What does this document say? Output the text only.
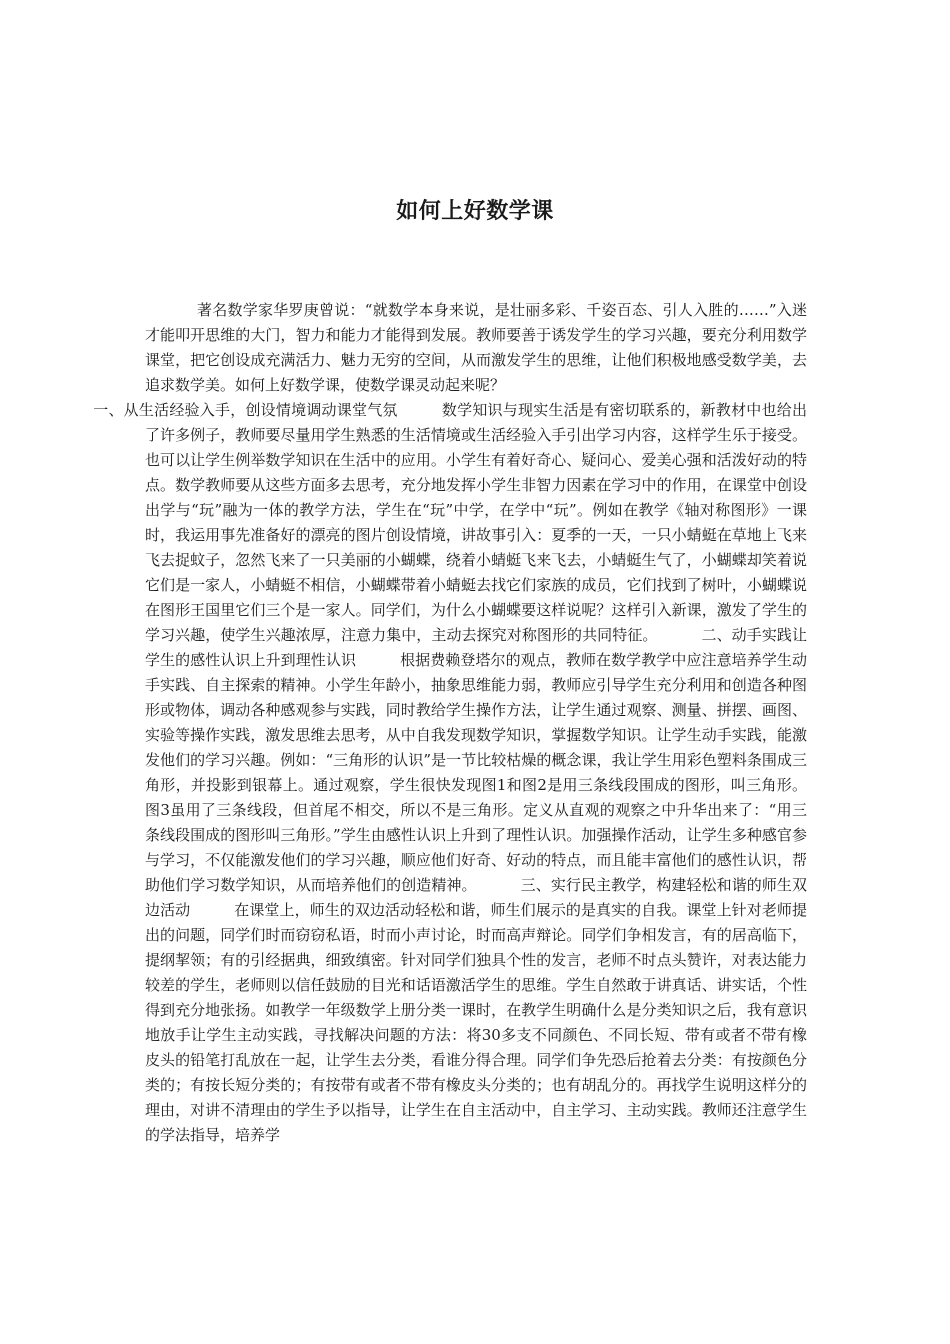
如何上好数学课

著名数学家华罗庚曾说：“就数学本身来说，是壮丽多彩、千姿百态、引人入胜的……”入迷才能叩开思维的大门，智力和能力才能得到发展。教师要善于诱发学生的学习兴趣，要充分利用数学课堂，把它创设成充满活力、魅力无穷的空间，从而激发学生的思维，让他们积极地感受数学美，去追求数学美。如何上好数学课，使数学课灵动起来呢？
一、从生活经验入手，创设情境调动课堂气氛	数学知识与现实生活是有密切联系的，新教材中也给出了许多例子，教师要尽量用学生熟悉的生活情境或生活经验入手引出学习内容，这样学生乐于接受。也可以让学生例举数学知识在生活中的应用。小学生有着好奇心、疑问心、爱美心强和活泼好动的特点。数学教师要从这些方面多去思考，充分地发挥小学生非智力因素在学习中的作用，在课堂中创设出学与“玩”融为一体的教学方法，学生在“玩”中学，在学中“玩”。例如在教学《轴对称图形》一课时，我运用事先准备好的漂亮的图片创设情境，讲故事引入：夏季的一天，一只小蜻蜓在草地上飞来飞去捉蚊子，忽然飞来了一只美丽的小蝴蝶，绕着小蜻蜓飞来飞去，小蜻蜓生气了，小蝴蝶却笑着说它们是一家人，小蜻蜓不相信，小蝴蝶带着小蜻蜓去找它们家族的成员，它们找到了树叶，小蝴蝶说在图形王国里它们三个是一家人。同学们，为什么小蝴蝶要这样说呢？这样引入新课，激发了学生的学习兴趣，使学生兴趣浓厚，注意力集中，主动去探究对称图形的共同特征。	二、动手实践让学生的感性认识上升到理性认识	根据费赖登塔尔的观点，教师在数学教学中应注意培养学生动手实践、自主探索的精神。小学生年龄小，抽象思维能力弱，教师应引导学生充分利用和创造各种图形或物体，调动各种感观参与实践，同时教给学生操作方法，让学生通过观察、测量、拼摆、画图、实验等操作实践，激发思维去思考，从中自我发现数学知识，掌握数学知识。让学生动手实践，能激发他们的学习兴趣。例如：“三角形的认识”是一节比较枯燥的概念课，我让学生用彩色塑料条围成三角形，并投影到银幕上。通过观察，学生很快发现图1和图2是用三条线段围成的图形，叫三角形。图3虽用了三条线段，但首尾不相交，所以不是三角形。定义从直观的观察之中升华出来了：“用三条线段围成的图形叫三角形。”学生由感性认识上升到了理性认识。加强操作活动，让学生多种感官参与学习，不仅能激发他们的学习兴趣，顺应他们好奇、好动的特点，而且能丰富他们的感性认识，帮助他们学习数学知识，从而培养他们的创造精神。	三、实行民主教学，构建轻松和谐的师生双边活动	在课堂上，师生的双边活动轻松和谐，师生们展示的是真实的自我。课堂上针对老师提出的问题，同学们时而窃窃私语，时而小声讨论，时而高声辩论。同学们争相发言，有的居高临下，提纲挈领；有的引经据典，细致缜密。针对同学们独具个性的发言，老师不时点头赞许，对表达能力较差的学生，老师则以信任鼓励的目光和话语激活学生的思维。学生自然敢于讲真话、讲实话，个性得到充分地张扬。如教学一年级数学上册分类一课时，在教学生明确什么是分类知识之后，我有意识地放手让学生主动实践，寻找解决问题的方法：将30多支不同颜色、不同长短、带有或者不带有橡皮头的铅笔打乱放在一起，让学生去分类，看谁分得合理。同学们争先恐后抢着去分类：有按颜色分类的；有按长短分类的；有按带有或者不带有橡皮头分类的；也有胡乱分的。再找学生说明这样分的理由，对讲不清理由的学生予以指导，让学生在自主活动中，自主学习、主动实践。教师还注意学生的学法指导，培养学
